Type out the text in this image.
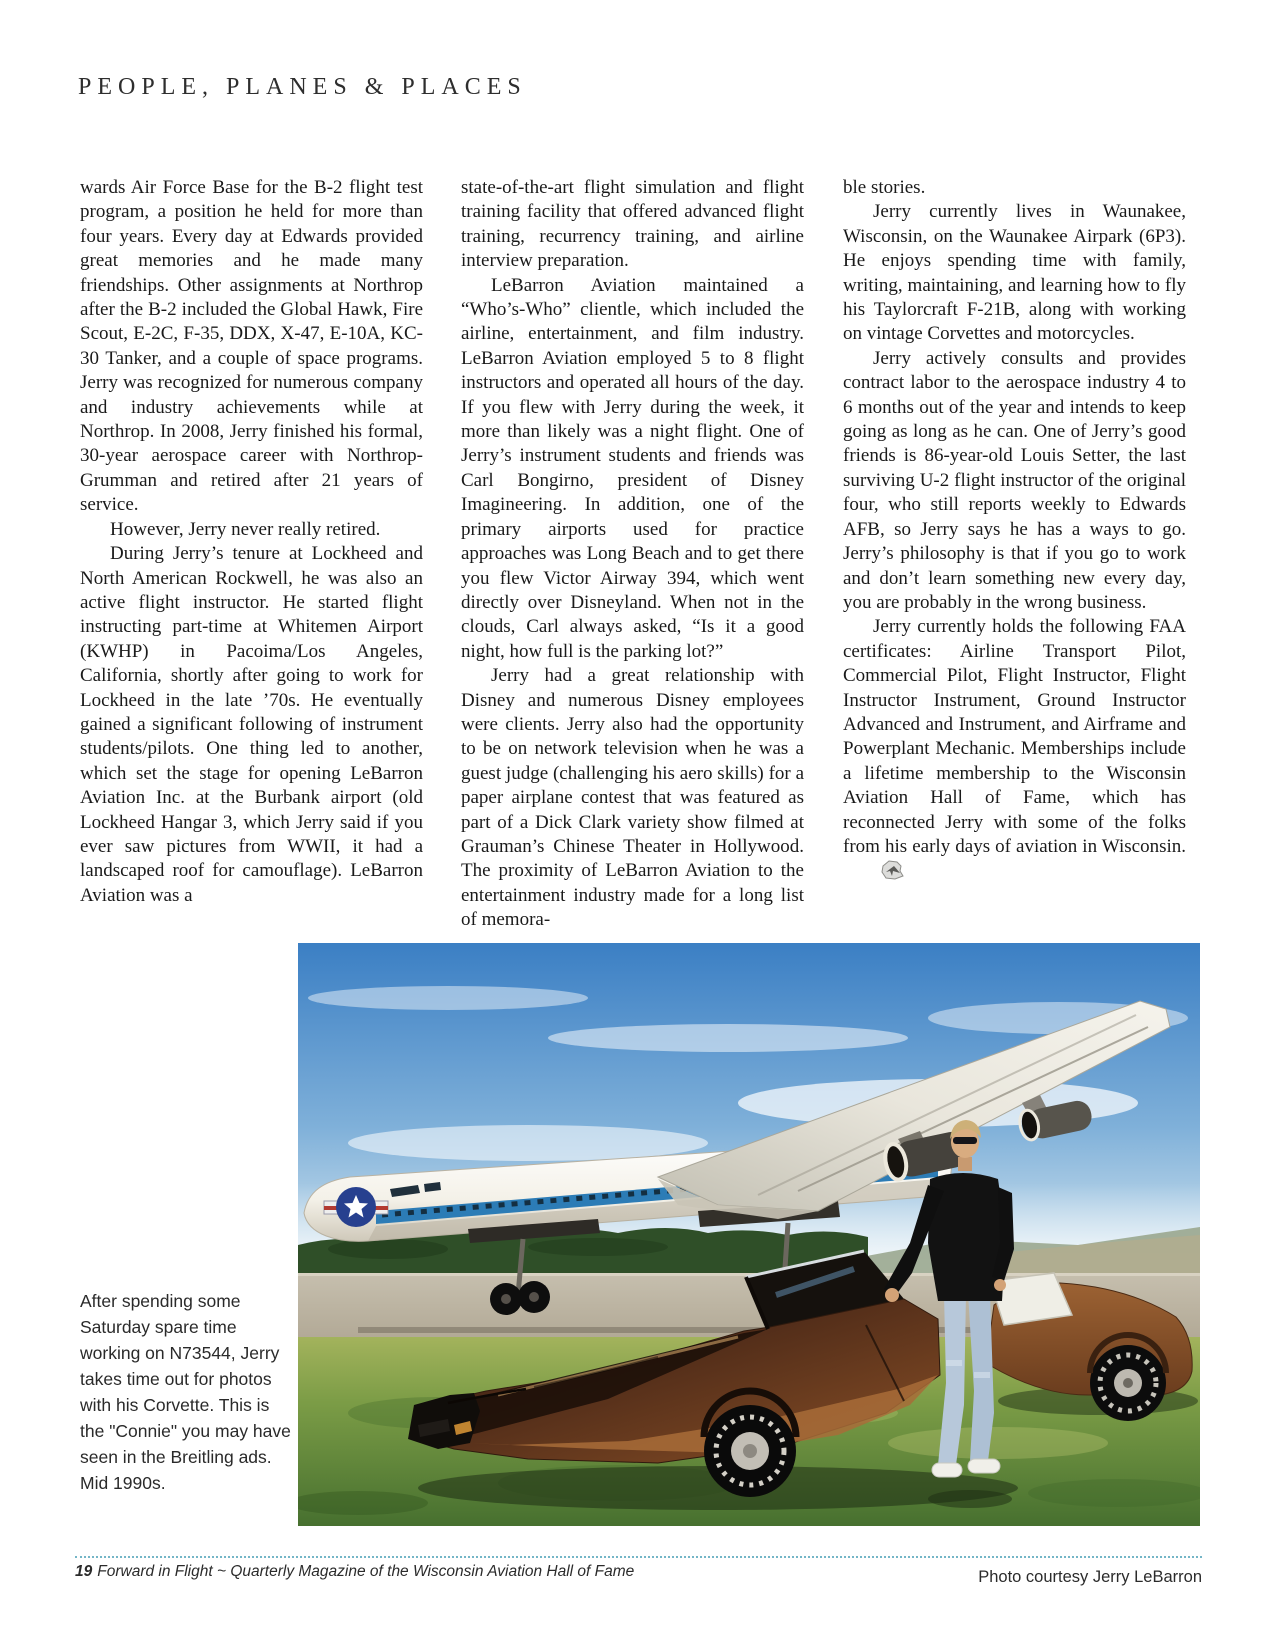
PEOPLE, PLANES & PLACES

wards Air Force Base for the B-2 flight test program, a position he held for more than four years. Every day at Edwards provided great memories and he made many friendships. Other assignments at Northrop after the B-2 included the Global Hawk, Fire Scout, E-2C, F-35, DDX, X-47, E-10A, KC-30 Tanker, and a couple of space programs. Jerry was recognized for numerous company and industry achievements while at Northrop. In 2008, Jerry finished his formal, 30-year aerospace career with Northrop-Grumman and retired after 21 years of service.

However, Jerry never really retired.

During Jerry’s tenure at Lockheed and North American Rockwell, he was also an active flight instructor. He started flight instructing part-time at Whitemen Airport (KWHP) in Pacoima/Los Angeles, California, shortly after going to work for Lockheed in the late ’70s. He eventually gained a significant following of instrument students/pilots. One thing led to another, which set the stage for opening LeBarron Aviation Inc. at the Burbank airport (old Lockheed Hangar 3, which Jerry said if you ever saw pictures from WWII, it had a landscaped roof for camouflage). LeBarron Aviation was a

state-of-the-art flight simulation and flight training facility that offered advanced flight training, recurrency training, and airline interview preparation.

LeBarron Aviation maintained a “Who’s-Who” clientle, which included the airline, entertainment, and film industry. LeBarron Aviation employed 5 to 8 flight instructors and operated all hours of the day. If you flew with Jerry during the week, it more than likely was a night flight. One of Jerry’s instrument students and friends was Carl Bongirno, president of Disney Imagineering. In addition, one of the primary airports used for practice approaches was Long Beach and to get there you flew Victor Airway 394, which went directly over Disneyland. When not in the clouds, Carl always asked, “Is it a good night, how full is the parking lot?”

Jerry had a great relationship with Disney and numerous Disney employees were clients. Jerry also had the opportunity to be on network television when he was a guest judge (challenging his aero skills) for a paper airplane contest that was featured as part of a Dick Clark variety show filmed at Grauman’s Chinese Theater in Hollywood. The proximity of LeBarron Aviation to the entertainment industry made for a long list of memora-

ble stories.

Jerry currently lives in Waunakee, Wisconsin, on the Waunakee Airpark (6P3). He enjoys spending time with family, writing, maintaining, and learning how to fly his Taylorcraft F-21B, along with working on vintage Corvettes and motorcycles.

Jerry actively consults and provides contract labor to the aerospace industry 4 to 6 months out of the year and intends to keep going as long as he can. One of Jerry’s good friends is 86-year-old Louis Setter, the last surviving U-2 flight instructor of the original four, who still reports weekly to Edwards AFB, so Jerry says he has a ways to go. Jerry’s philosophy is that if you go to work and don’t learn something new every day, you are probably in the wrong business.

Jerry currently holds the following FAA certificates: Airline Transport Pilot, Commercial Pilot, Flight Instructor, Flight Instructor Instrument, Ground Instructor Advanced and Instrument, and Airframe and Powerplant Mechanic. Memberships include a lifetime membership to the Wisconsin Aviation Hall of Fame, which has reconnected Jerry with some of the folks from his early days of aviation in Wisconsin.

After spending some Saturday spare time working on N73544, Jerry takes time out for photos with his Corvette. This is the "Connie" you may have seen in the Breitling ads. Mid 1990s.
19 Forward in Flight ~ Quarterly Magazine of the Wisconsin Aviation Hall of Fame	Photo courtesy Jerry LeBarron
